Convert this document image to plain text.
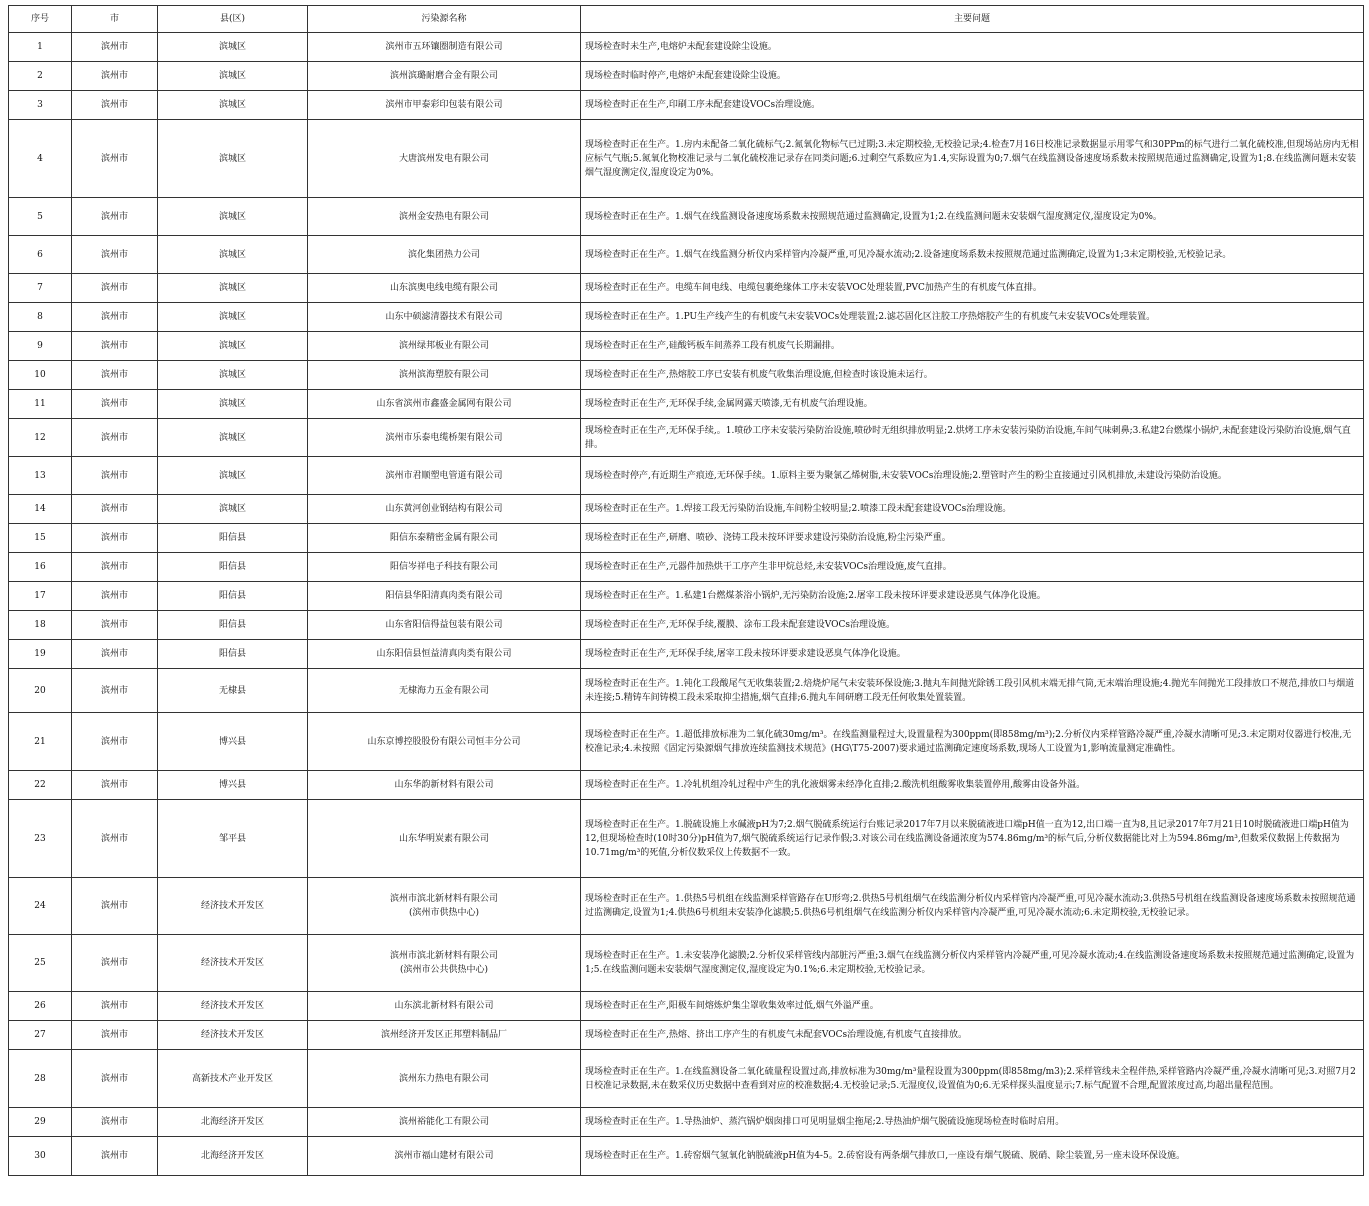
序号	市	县(区)	污染源名称	主要问题
1	滨州市	滨城区	滨州市五环镶圈制造有限公司	现场检查时未生产,电熔炉未配套建设除尘设施。
2	滨州市	滨城区	滨州滨璐耐磨合金有限公司	现场检查时临时停产,电熔炉未配套建设除尘设施。
3	滨州市	滨城区	滨州市甲泰彩印包装有限公司	现场检查时正在生产,印刷工序未配套建设VOCs治理设施。
4	滨州市	滨城区	大唐滨州发电有限公司	现场检查时正在生产。1.房内未配备二氧化硫标气;2.氮氧化物标气已过期;3.未定期校验,无校验记录;4.检查7月16日校准记录数据显示用零气和30PPm的标气进行二氧化硫校准,但现场站房内无相应标气气瓶;5.氮氧化物校准记录与二氧化硫校准记录存在同类问题;6.过剩空气系数应为1.4,实际设置为0;7.烟气在线监测设备速度场系数未按照规范通过监测确定,设置为1;8.在线监测问题未安装烟气湿度测定仪,湿度设定为0%。
5	滨州市	滨城区	滨州金安热电有限公司	现场检查时正在生产。1.烟气在线监测设备速度场系数未按照规范通过监测确定,设置为1;2.在线监测问题未安装烟气湿度测定仪,湿度设定为0%。
6	滨州市	滨城区	滨化集团热力公司	现场检查时正在生产。1.烟气在线监测分析仪内采样管内冷凝严重,可见冷凝水流动;2.设备速度场系数未按照规范通过监测确定,设置为1;3未定期校验,无校验记录。
7	滨州市	滨城区	山东滨奥电线电缆有限公司	现场检查时正在生产。电缆车间电线、电缆包裹绝缘体工序未安装VOC处理装置,PVC加热产生的有机废气体直排。
8	滨州市	滨城区	山东中硕滤清器技术有限公司	现场检查时正在生产。1.PU生产线产生的有机废气未安装VOCs处理装置;2.滤芯固化区注胶工序热熔胶产生的有机废气未安装VOCs处理装置。
9	滨州市	滨城区	滨州绿邦板业有限公司	现场检查时正在生产,硅酸钙板车间蒸养工段有机废气长期漏排。
10	滨州市	滨城区	滨州滨海塑胶有限公司	现场检查时正在生产,热熔胶工序已安装有机废气收集治理设施,但检查时该设施未运行。
11	滨州市	滨城区	山东省滨州市鑫盛金属网有限公司	现场检查时正在生产,无环保手续,金属网露天喷漆,无有机废气治理设施。
12	滨州市	滨城区	滨州市乐泰电缆桥架有限公司	现场检查时正在生产,无环保手续,。1.喷砂工序未安装污染防治设施,喷砂时无组织排放明显;2.烘烤工序未安装污染防治设施,车间气味刺鼻;3.私建2台燃煤小锅炉,未配套建设污染防治设施,烟气直排。
13	滨州市	滨城区	滨州市君顺塑电管道有限公司	现场检查时停产,有近期生产痕迹,无环保手续。1.原料主要为聚氯乙烯树脂,未安装VOCs治理设施;2.塑管时产生的粉尘直接通过引风机排放,未建设污染防治设施。
14	滨州市	滨城区	山东黄河创业钢结构有限公司	现场检查时正在生产。1.焊接工段无污染防治设施,车间粉尘较明显;2.喷漆工段未配套建设VOCs治理设施。
15	滨州市	阳信县	阳信东泰精密金属有限公司	现场检查时正在生产,研磨、喷砂、浇铸工段未按环评要求建设污染防治设施,粉尘污染严重。
16	滨州市	阳信县	阳信岑祥电子科技有限公司	现场检查时正在生产,元器件加热烘干工序产生非甲烷总烃,未安装VOCs治理设施,废气直排。
17	滨州市	阳信县	阳信县华阳清真肉类有限公司	现场检查时正在生产。1.私建1台燃煤茶浴小锅炉,无污染防治设施;2.屠宰工段未按环评要求建设恶臭气体净化设施。
18	滨州市	阳信县	山东省阳信得益包装有限公司	现场检查时正在生产,无环保手续,覆膜、涂布工段未配套建设VOCs治理设施。
19	滨州市	阳信县	山东阳信县恒益清真肉类有限公司	现场检查时正在生产,无环保手续,屠宰工段未按环评要求建设恶臭气体净化设施。
20	滨州市	无棣县	无棣海力五金有限公司	现场检查时正在生产。1.钝化工段酸尾气无收集装置;2.焙烧炉尾气未安装环保设施;3.抛丸车间抛光除锈工段引风机末端无排气筒,无末端治理设施;4.抛光车间抛光工段排放口不规范,排放口与烟道未连接;5.精铸车间铸模工段未采取抑尘措施,烟气直排;6.抛丸车间研磨工段无任何收集处置装置。
21	滨州市	博兴县	山东京博控股股份有限公司恒丰分公司	现场检查时正在生产。1.超低排放标准为二氧化硫30mg/m³。在线监测量程过大,设置量程为300ppm(即858mg/m³);2.分析仪内采样管路冷凝严重,冷凝水清晰可见;3.未定期对仪器进行校准,无校准记录;4.未按照《固定污染源烟气排放连续监测技术规范》(HG\T75-2007)要求通过监测确定速度场系数,现场人工设置为1,影响流量测定准确性。
22	滨州市	博兴县	山东华韵新材料有限公司	现场检查时正在生产。1.冷轧机组冷轧过程中产生的乳化液烟雾未经净化直排;2.酸洗机组酸雾收集装置停用,酸雾由设备外溢。
23	滨州市	邹平县	山东华明炭素有限公司	现场检查时正在生产。1.脱硫设施上水碱液pH为7;2.烟气脱硫系统运行台账记录2017年7月以来脱硫液进口端pH值一直为12,出口端一直为8,且记录2017年7月21日10时脱硫液进口端pH值为12,但现场检查时(10时30分)pH值为7,烟气脱硫系统运行记录作假;3.对该公司在线监测设备通浓度为574.86mg/m³的标气后,分析仪数据能比对上为594.86mg/m³,但数采仪数据上传数据为10.71mg/m³的死值,分析仪数采仪上传数据不一致。
24	滨州市	经济技术开发区	滨州市滨北新材料有限公司
(滨州市供热中心)	现场检查时正在生产。1.供热5号机组在线监测采样管路存在U形弯;2.供热5号机组烟气在线监测分析仪内采样管内冷凝严重,可见冷凝水流动;3.供热5号机组在线监测设备速度场系数未按照规范通过监测确定,设置为1;4.供热6号机组未安装净化滤膜;5.供热6号机组烟气在线监测分析仪内采样管内冷凝严重,可见冷凝水流动;6.未定期校验,无校验记录。
25	滨州市	经济技术开发区	滨州市滨北新材料有限公司
(滨州市公共供热中心)	现场检查时正在生产。1.未安装净化滤膜;2.分析仪采样管线内部脏污严重;3.烟气在线监测分析仪内采样管内冷凝严重,可见冷凝水流动;4.在线监测设备速度场系数未按照规范通过监测确定,设置为1;5.在线监测问题未安装烟气湿度测定仪,湿度设定为0.1%;6.未定期校验,无校验记录。
26	滨州市	经济技术开发区	山东滨北新材料有限公司	现场检查时正在生产,阳极车间熔炼炉集尘罩收集效率过低,烟气外溢严重。
27	滨州市	经济技术开发区	滨州经济开发区正邦塑料制品厂	现场检查时正在生产,热熔、挤出工序产生的有机废气未配套VOCs治理设施,有机废气直接排放。
28	滨州市	高新技术产业开发区	滨州东力热电有限公司	现场检查时正在生产。1.在线监测设备二氧化硫量程设置过高,排放标准为30mg/m³量程设置为300ppm(即858mg/m3);2.采样管线未全程伴热,采样管路内冷凝严重,冷凝水清晰可见;3.对照7月2日校准记录数据,未在数采仪历史数据中查看到对应的校准数据;4.无校验记录;5.无湿度仪,设置值为0;6.无采样探头温度显示;7.标气配置不合理,配置浓度过高,均超出量程范围。
29	滨州市	北海经济开发区	滨州裕能化工有限公司	现场检查时正在生产。1.导热油炉、蒸汽锅炉烟囱排口可见明显烟尘拖尾;2.导热油炉烟气脱硫设施现场检查时临时启用。
30	滨州市	北海经济开发区	滨州市福山建材有限公司	现场检查时正在生产。1.砖窑烟气氢氧化钠脱硫液pH值为4-5。2.砖窑设有两条烟气排放口,一座设有烟气脱硫、脱硝、除尘装置,另一座未设环保设施。
